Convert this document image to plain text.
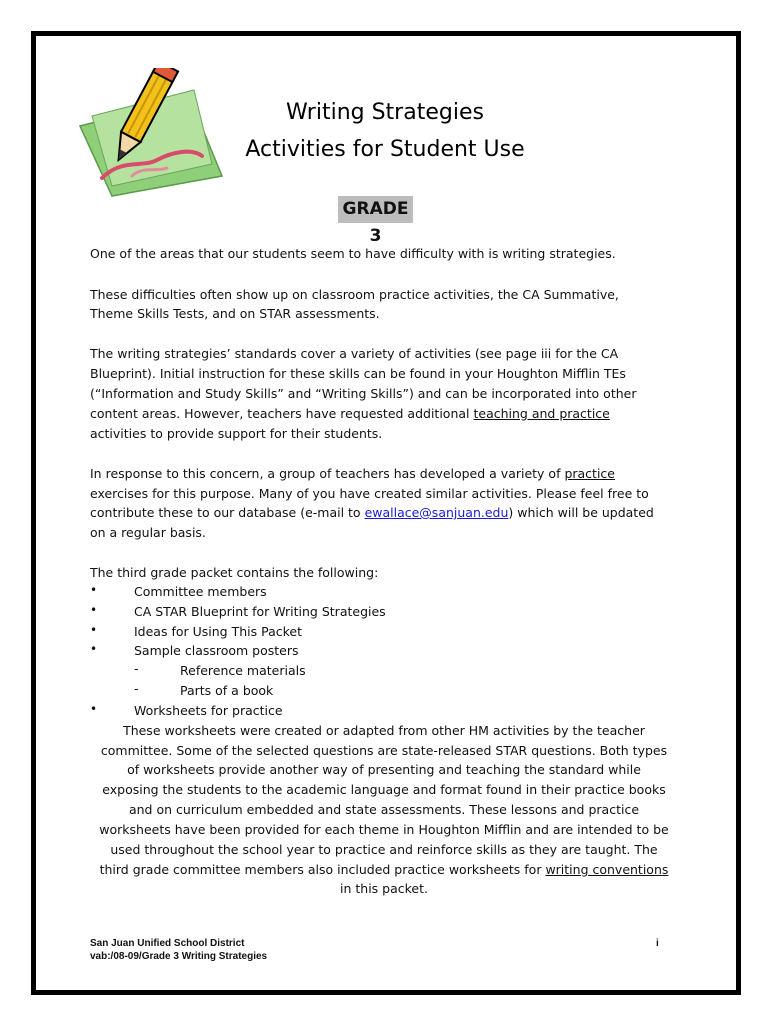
Writing Strategies
Activities for Student Use
GRADE 3
One of the areas that our students seem to have difficulty with is writing strategies.
These difficulties often show up on classroom practice activities, the CA Summative,
Theme Skills Tests, and on STAR assessments.
The writing strategies’ standards cover a variety of activities (see page iii for the CA
Blueprint). Initial instruction for these skills can be found in your Houghton Mifflin TEs
(“Information and Study Skills” and “Writing Skills”) and can be incorporated into other
content areas. However, teachers have requested additional teaching and practice
activities to provide support for their students.
In response to this concern, a group of teachers has developed a variety of practice
exercises for this purpose. Many of you have created similar activities. Please feel free to
contribute these to our database (e-mail to ewallace@sanjuan.edu) which will be updated
on a regular basis.
The third grade packet contains the following:
•	Committee members
•	CA STAR Blueprint for Writing Strategies
•	Ideas for Using This Packet
•	Sample classroom posters
-	Reference materials
-	Parts of a book
•	Worksheets for practice
These worksheets were created or adapted from other HM activities by the teacher
committee. Some of the selected questions are state-released STAR questions. Both types
of worksheets provide another way of presenting and teaching the standard while
exposing the students to the academic language and format found in their practice books
and on curriculum embedded and state assessments. These lessons and practice
worksheets have been provided for each theme in Houghton Mifflin and are intended to be
used throughout the school year to practice and reinforce skills as they are taught. The
third grade committee members also included practice worksheets for writing conventions
in this packet.
San Juan Unified School District
vab:/08-09/Grade 3 Writing Strategies
i
